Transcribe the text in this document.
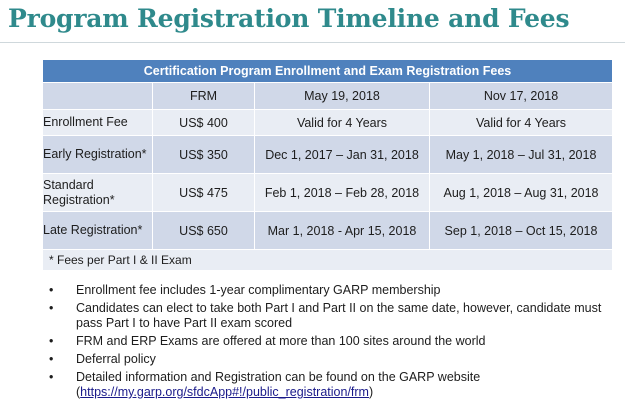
Program Registration Timeline and Fees
Certification Program Enrollment and Exam Registration Fees			
	FRM	May 19, 2018	Nov 17, 2018
Enrollment Fee	US$ 400	Valid for 4 Years	Valid for 4 Years
Early Registration*	US$ 350	Dec 1, 2017 – Jan 31, 2018	May 1, 2018 – Jul 31, 2018
Standard Registration*	US$ 475	Feb 1, 2018 – Feb 28, 2018	Aug 1, 2018 – Aug 31, 2018
Late Registration*	US$ 650	Mar 1, 2018 - Apr 15, 2018	Sep 1, 2018 – Oct 15, 2018
* Fees per Part I & II Exam			
• Enrollment fee includes 1-year complimentary GARP membership
• Candidates can elect to take both Part I and Part II on the same date, however, candidate must pass Part I to have Part II exam scored
• FRM and ERP Exams are offered at more than 100 sites around the world
• Deferral policy
• Detailed information and Registration can be found on the GARP website
(https://my.garp.org/sfdcApp#!/public_registration/frm)
